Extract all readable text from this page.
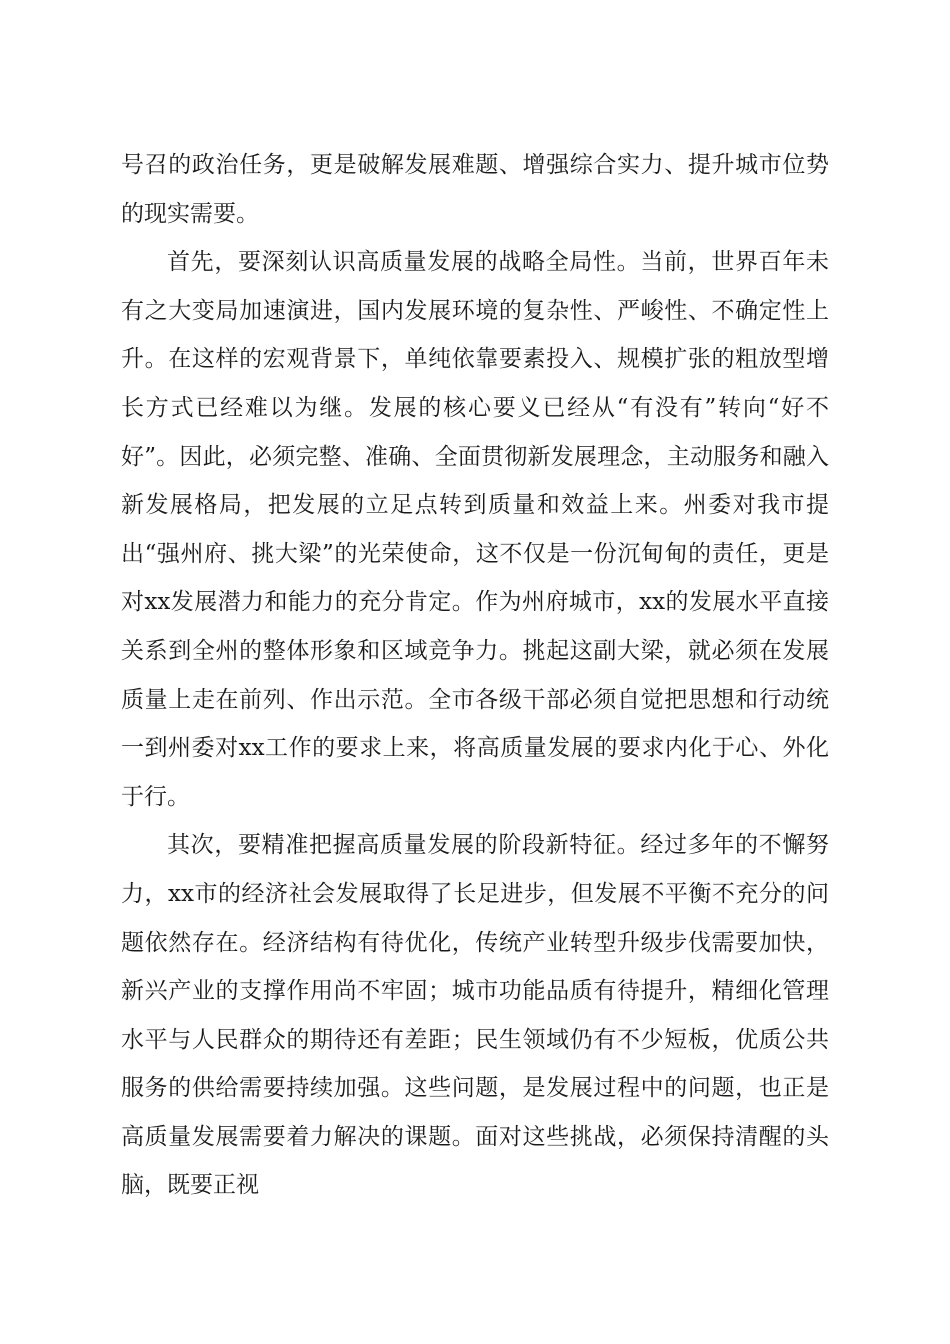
号召的政治任务，更是破解发展难题、增强综合实力、提升城市位势的现实需要。

首先，要深刻认识高质量发展的战略全局性。当前，世界百年未有之大变局加速演进，国内发展环境的复杂性、严峻性、不确定性上升。在这样的宏观背景下，单纯依靠要素投入、规模扩张的粗放型增长方式已经难以为继。发展的核心要义已经从“有没有”转向“好不好”。因此，必须完整、准确、全面贯彻新发展理念，主动服务和融入新发展格局，把发展的立足点转到质量和效益上来。州委对我市提出“强州府、挑大梁”的光荣使命，这不仅是一份沉甸甸的责任，更是对xx发展潜力和能力的充分肯定。作为州府城市，xx的发展水平直接关系到全州的整体形象和区域竞争力。挑起这副大梁，就必须在发展质量上走在前列、作出示范。全市各级干部必须自觉把思想和行动统一到州委对xx工作的要求上来，将高质量发展的要求内化于心、外化于行。

其次，要精准把握高质量发展的阶段新特征。经过多年的不懈努力，xx市的经济社会发展取得了长足进步，但发展不平衡不充分的问题依然存在。经济结构有待优化，传统产业转型升级步伐需要加快，新兴产业的支撑作用尚不牢固；城市功能品质有待提升，精细化管理水平与人民群众的期待还有差距；民生领域仍有不少短板，优质公共服务的供给需要持续加强。这些问题，是发展过程中的问题，也正是高质量发展需要着力解决的课题。面对这些挑战，必须保持清醒的头脑，既要正视
